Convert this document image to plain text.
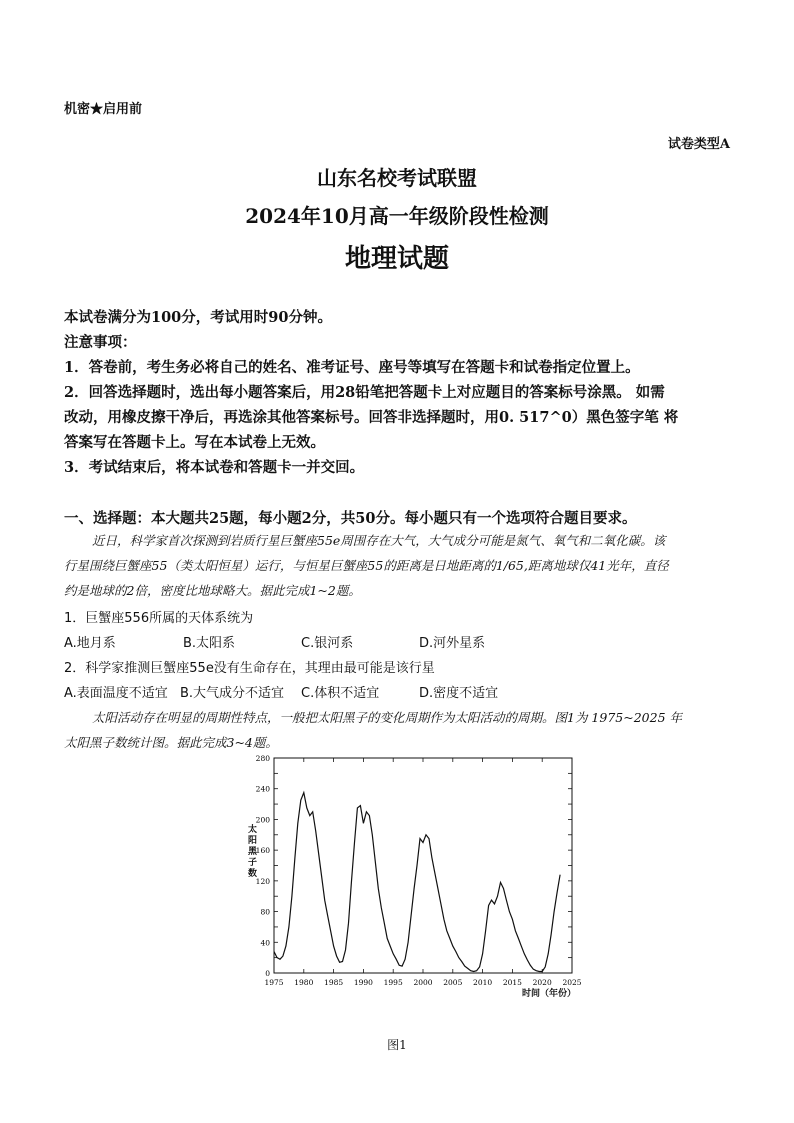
机密★启用前
试卷类型A
山东名校考试联盟
2024年10月高一年级阶段性检测
地理试题
本试卷满分为100分，考试用时90分钟。
注意事项：
1．答卷前，考生务必将自己的姓名、准考证号、座号等填写在答题卡和试卷指定位置上。
2．回答选择题时，选出每小题答案后，用28铅笔把答题卡上对应题目的答案标号涂黑。 如需
改动，用橡皮擦干净后，再选涂其他答案标号。回答非选择题时，用0. 517^0）黑色签字笔 将
答案写在答题卡上。写在本试卷上无效。
3．考试结束后，将本试卷和答题卡一并交回。
一、选择题：本大题共25题，每小题2分，共50分。每小题只有一个选项符合题目要求。
近日，科学家首次探测到岩质行星巨蟹座55e周围存在大气，大气成分可能是氮气、氧气和二氧化碳。该
行星围绕巨蟹座55（类太阳恒星）运行，与恒星巨蟹座55的距离是日地距离的1/65,距离地球仅41光年，直径
约是地球的2倍，密度比地球略大。据此完成1~2题。
1．巨蟹座556所属的天体系统为
A.地月系	B.太阳系	C.银河系	D.河外星系
2．科学家推测巨蟹座55e没有生命存在，其理由最可能是该行星
A.表面温度不适宜 B.大气成分不适宜 C.体积不适宜	D.密度不适宜
太阳活动存在明显的周期性特点，一般把太阳黑子的变化周期作为太阳活动的周期。图1为 1975~2025 年
太阳黑子数统计图。据此完成3~4题。
0
40
80
120
160
200
240
280
1975 1980 1985 1990 1995 2000 2005 2010 2015 2020 2025
太阳黑子数
时间（年份）
图1
